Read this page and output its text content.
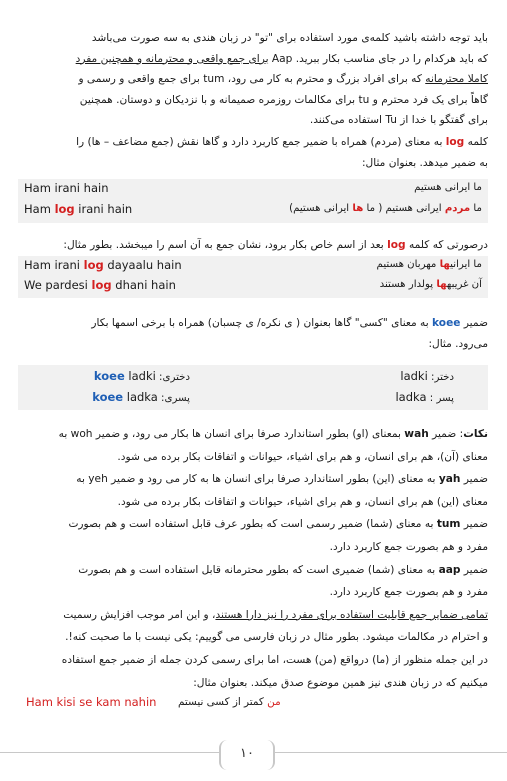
باید توجه داشته باشید کلمه‌ی مورد استفاده برای "تو" در زبان هندی به سه صورت می‌باشد
که باید هرکدام را در جای مناسب بکار ببرید. Aap برای جمع واقعی و محترمانه و همچنین مفرد
کاملا محترمانه که برای افراد بزرگ و محترم به کار می رود، tum برای جمع واقعی و رسمی و
گاهاً برای یک فرد محترم و tu برای مکالمات روزمره صمیمانه و با نزدیکان و دوستان. همچنین
برای گفتگو با خدا از Tu استفاده می‌کنند.
کلمه log به معنای (مردم) همراه با ضمیر جمع کاربرد دارد و گاها نقش (جمع مضاعف – ها) را
به ضمیر میدهد. بعنوان مثال:
Ham irani hain	ما ایرانی هستیم
Ham log irani hain	ما مردم ایرانی هستیم ( ما ها ایرانی هستیم)
درصورتی که کلمه log بعد از اسم خاص بکار برود، نشان جمع به آن اسم را میبخشد. بطور مثال:
Ham irani log dayaalu hain	ما ایرانیها مهربان هستیم
We pardesi log dhani hain	آن غریبهها پولدار هستند
ضمیر koee به معنای "کسی" گاها بعنوان ( ی نکره/ ی چسبان) همراه با برخی اسمها بکار
می‌رود. مثال:
دختر: ladki
دختری: koee ladki
پسر : ladka
پسری: koee ladka
نکات: ضمیر wah بمعنای (او) بطور استاندارد صرفا برای انسان ها بکار می رود، و ضمیر woh به
معنای (آن)، هم برای انسان، و هم برای اشیاء، حیوانات و اتفاقات بکار برده می شود.
ضمیر yah به معنای (این) بطور استاندارد صرفا برای انسان ها به کار می رود و ضمیر yeh به
معنای (این) هم برای انسان، و هم برای اشیاء، حیوانات و اتفاقات بکار برده می شود.
ضمیر tum به معنای (شما) ضمیر رسمی است که بطور عرف قابل استفاده است و هم بصورت
مفرد و هم بصورت جمع کاربرد دارد.
ضمیر aap به معنای (شما) ضمیری است که بطور محترمانه قابل استفاده است و هم بصورت
مفرد و هم بصورت جمع کاربرد دارد.
تمامی ضمایر جمع قابلیت استفاده برای مفرد را نیز دارا هستند، و این امر موجب افزایش رسمیت
و احترام در مکالمات میشود. بطور مثال در زبان فارسی می گوییم: یکی نیست با ما صحبت کنه!.
در این جمله منظور از (ما) درواقع (من) هست، اما برای رسمی کردن جمله از ضمیر جمع استفاده
میکنیم که در زبان هندی نیز همین موضوع صدق میکند. بعنوان مثال:
Ham kisi se kam nahin	من کمتر از کسی نیستم
۱۰
